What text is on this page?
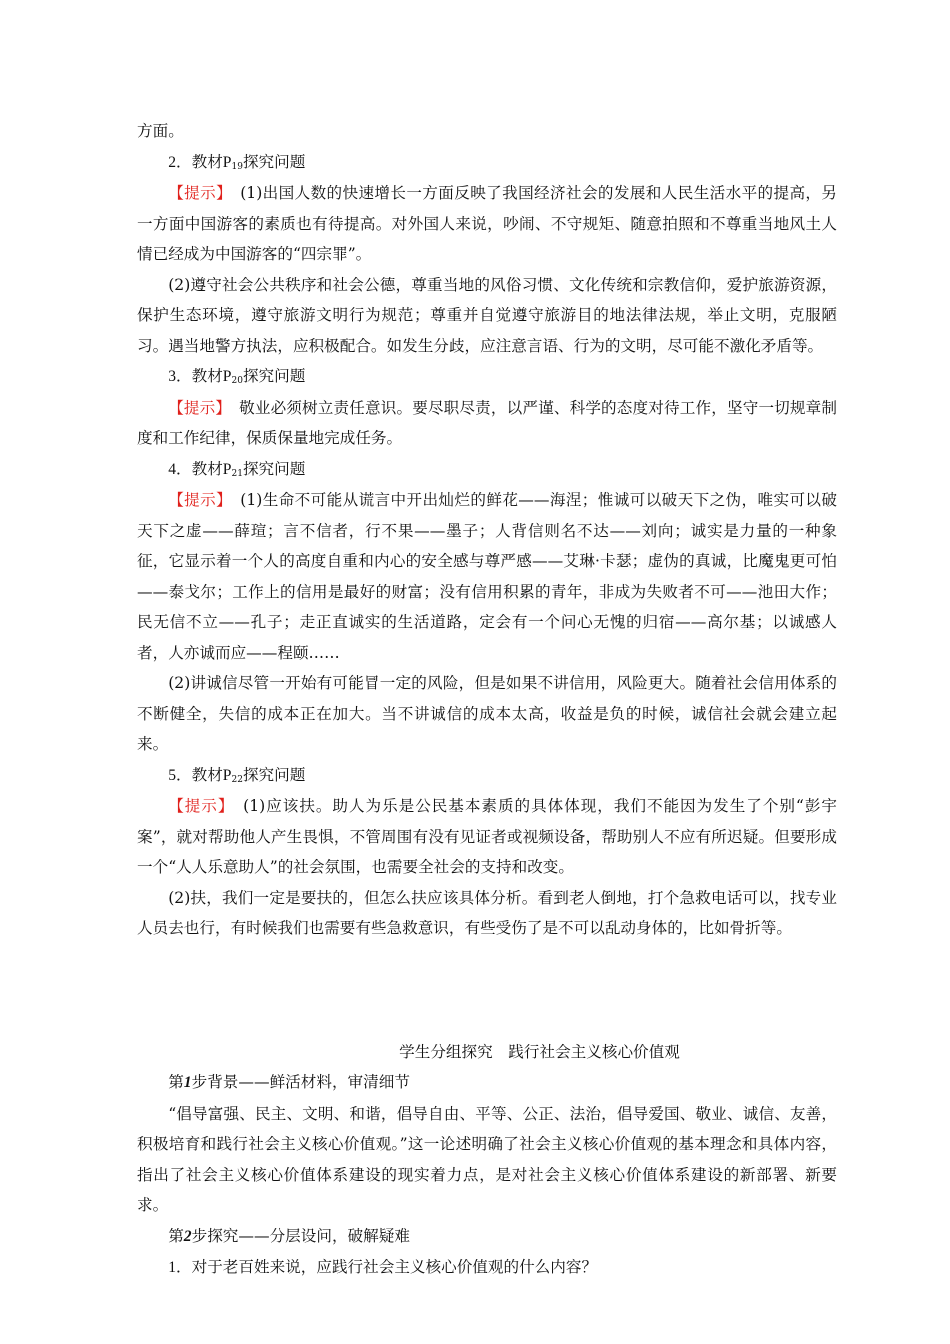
方面。

2．教材$P_{19}$探究问题

【提示】　 (1)出国人数的快速增长一方面反映了我国经济社会的发展和人民生活水平的提高，另一方面中国游客的素质也有待提高。对外国人来说，吵闹、不守规矩、随意拍照和不尊重当地风土人情已经成为中国游客的“四宗罪”。

(2)遵守社会公共秩序和社会公德，尊重当地的风俗习惯、文化传统和宗教信仰，爱护旅游资源，保护生态环境，遵守旅游文明行为规范；尊重并自觉遵守旅游目的地法律法规，举止文明，克服陋习。遇当地警方执法，应积极配合。如发生分歧，应注意言语、行为的文明，尽可能不激化矛盾等。

3．教材$P_{20}$探究问题

【提示】　 敬业必须树立责任意识。要尽职尽责，以严谨、科学的态度对待工作，坚守一切规章制度和工作纪律，保质保量地完成任务。

4．教材$P_{21}$探究问题

【提示】　 (1)生命不可能从谎言中开出灿烂的鲜花——海涅；惟诚可以破天下之伪，唯实可以破天下之虚——薛瑄；言不信者，行不果——墨子；人背信则名不达——刘向；诚实是力量的一种象征，它显示着一个人的高度自重和内心的安全感与尊严感——艾琳·卡瑟；虚伪的真诚，比魔鬼更可怕——泰戈尔；工作上的信用是最好的财富；没有信用积累的青年，非成为失败者不可——池田大作；民无信不立——孔子；走正直诚实的生活道路，定会有一个问心无愧的归宿——高尔基；以诚感人者，人亦诚而应——程颐……

(2)讲诚信尽管一开始有可能冒一定的风险，但是如果不讲信用，风险更大。随着社会信用体系的不断健全，失信的成本正在加大。当不讲诚信的成本太高，收益是负的时候，诚信社会就会建立起来。

5．教材$P_{22}$探究问题

【提示】　 (1)应该扶。助人为乐是公民基本素质的具体体现，我们不能因为发生了个别“彭宇案”，就对帮助他人产生畏惧，不管周围有没有见证者或视频设备，帮助别人不应有所迟疑。但要形成一个“人人乐意助人”的社会氛围，也需要全社会的支持和改变。

(2)扶，我们一定是要扶的，但怎么扶应该具体分析。看到老人倒地，打个急救电话可以，找专业人员去也行，有时候我们也需要有些急救意识，有些受伤了是不可以乱动身体的，比如骨折等。

学生分组探究　践行社会主义核心价值观

第1步背景——鲜活材料，审清细节

“倡导富强、民主、文明、和谐，倡导自由、平等、公正、法治，倡导爱国、敬业、诚信、友善，积极培育和践行社会主义核心价值观。”这一论述明确了社会主义核心价值观的基本理念和具体内容，指出了社会主义核心价值体系建设的现实着力点，是对社会主义核心价值体系建设的新部署、新要求。

第2步探究——分层设问，破解疑难

1．对于老百姓来说，应践行社会主义核心价值观的什么内容？
